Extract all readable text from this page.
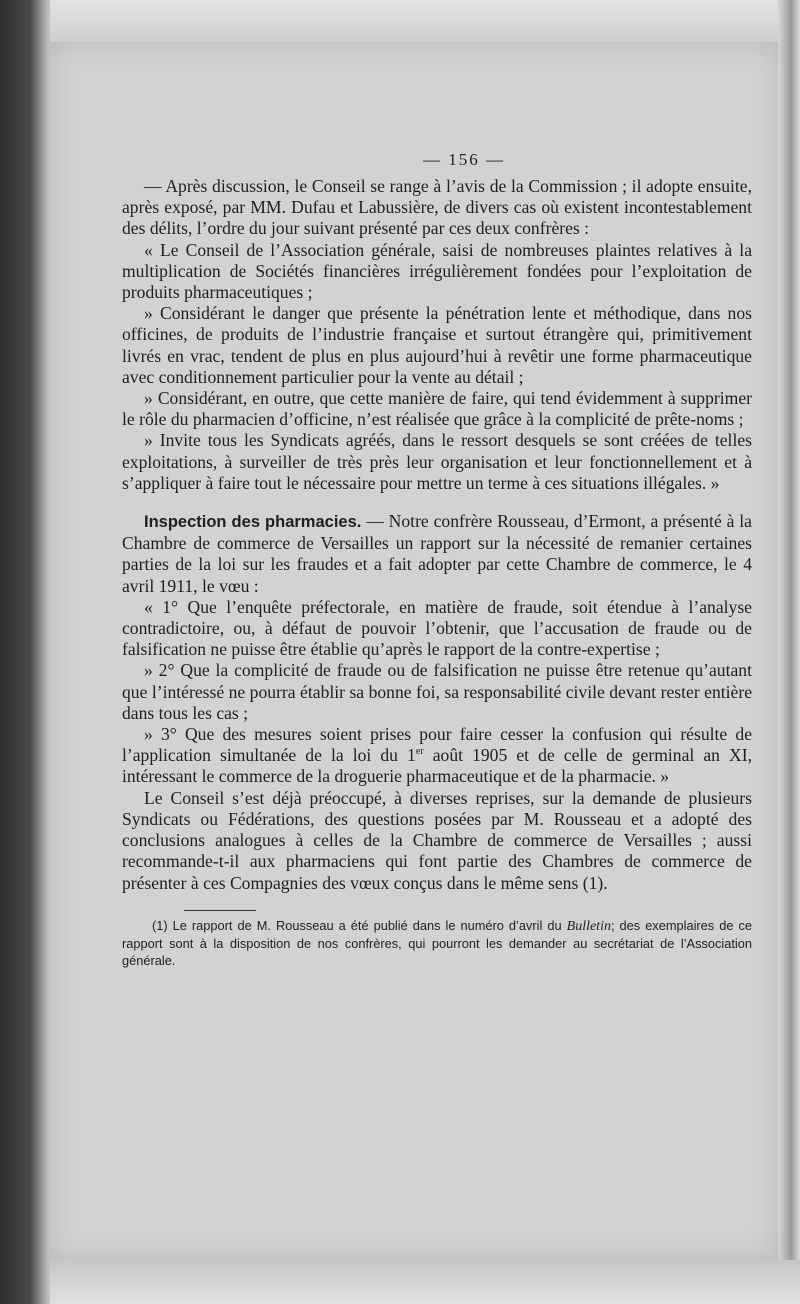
— 156 —

— Après discussion, le Conseil se range à l’avis de la Commission ; il adopte ensuite, après exposé, par MM. Dufau et Labussière, de divers cas où existent incontestablement des délits, l’ordre du jour suivant présenté par ces deux confrères :

« Le Conseil de l’Association générale, saisi de nombreuses plaintes relatives à la multiplication de Sociétés financières irrégulièrement fondées pour l’exploitation de produits pharmaceutiques ;

» Considérant le danger que présente la pénétration lente et méthodique, dans nos officines, de produits de l’industrie française et surtout étrangère qui, primitivement livrés en vrac, tendent de plus en plus aujourd’hui à revêtir une forme pharmaceutique avec conditionnement particulier pour la vente au détail ;

» Considérant, en outre, que cette manière de faire, qui tend évidemment à supprimer le rôle du pharmacien d’officine, n’est réalisée que grâce à la complicité de prête-noms ;

» Invite tous les Syndicats agréés, dans le ressort desquels se sont créées de telles exploitations, à surveiller de très près leur organisation et leur fonctionnellement et à s’appliquer à faire tout le nécessaire pour mettre un terme à ces situations illégales. »

Inspection des pharmacies. — Notre confrère Rousseau, d’Ermont, a présenté à la Chambre de commerce de Versailles un rapport sur la nécessité de remanier certaines parties de la loi sur les fraudes et a fait adopter par cette Chambre de commerce, le 4 avril 1911, le vœu :

« 1° Que l’enquête préfectorale, en matière de fraude, soit étendue à l’analyse contradictoire, ou, à défaut de pouvoir l’obtenir, que l’accusation de fraude ou de falsification ne puisse être établie qu’après le rapport de la contre-expertise ;

» 2° Que la complicité de fraude ou de falsification ne puisse être retenue qu’autant que l’intéressé ne pourra établir sa bonne foi, sa responsabilité civile devant rester entière dans tous les cas ;

» 3° Que des mesures soient prises pour faire cesser la confusion qui résulte de l’application simultanée de la loi du 1er août 1905 et de celle de germinal an XI, intéressant le commerce de la droguerie pharmaceutique et de la pharmacie. »

Le Conseil s’est déjà préoccupé, à diverses reprises, sur la demande de plusieurs Syndicats ou Fédérations, des questions posées par M. Rousseau et a adopté des conclusions analogues à celles de la Chambre de commerce de Versailles ; aussi recommande-t-il aux pharmaciens qui font partie des Chambres de commerce de présenter à ces Compagnies des vœux conçus dans le même sens (1).

(1) Le rapport de M. Rousseau a été publié dans le numéro d’avril du Bulletin; des exemplaires de ce rapport sont à la disposition de nos confrères, qui pourront les demander au secrétariat de l’Association générale.
